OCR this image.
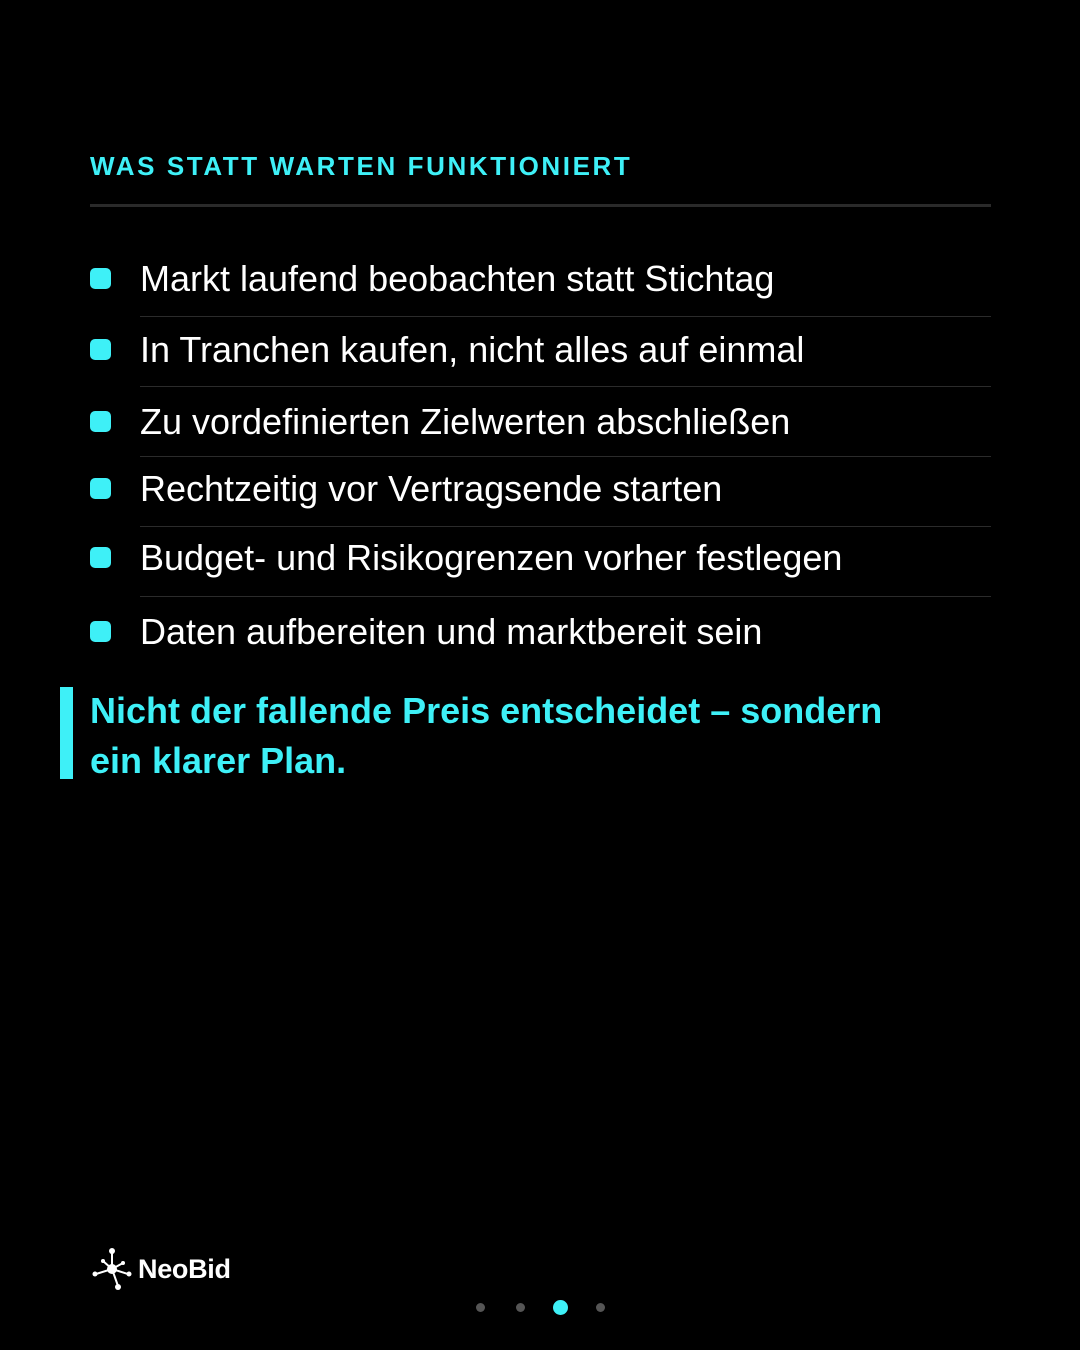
WAS STATT WARTEN FUNKTIONIERT
Markt laufend beobachten statt Stichtag
In Tranchen kaufen, nicht alles auf einmal
Zu vordefinierten Zielwerten abschließen
Rechtzeitig vor Vertragsende starten
Budget- und Risikogrenzen vorher festlegen
Daten aufbereiten und marktbereit sein
Nicht der fallende Preis entscheidet – sondern
ein klarer Plan.
NeoBid
